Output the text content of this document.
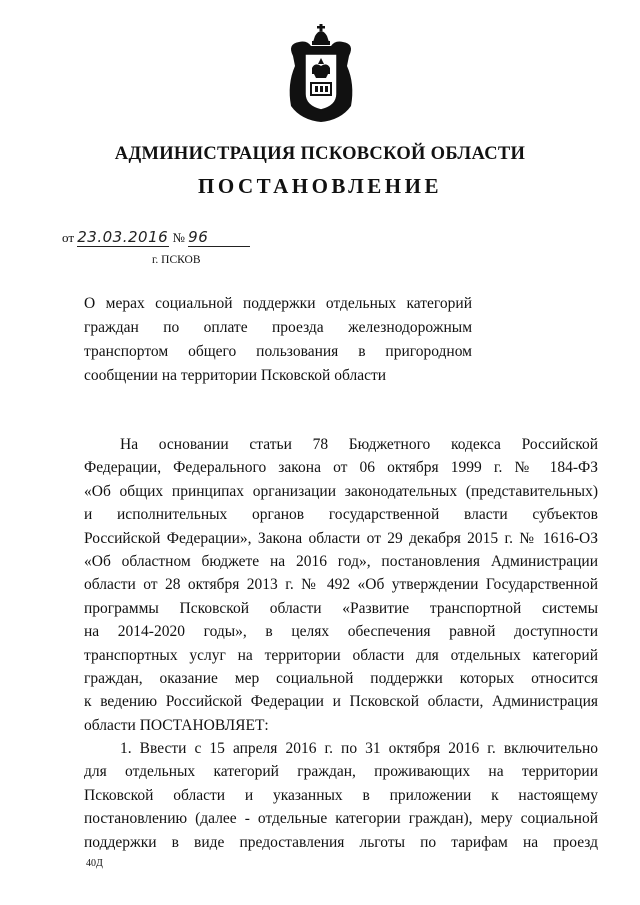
АДМИНИСТРАЦИЯ ПСКОВСКОЙ ОБЛАСТИ
ПОСТАНОВЛЕНИЕ
от 23.03.2016 № 96
г. ПСКОВ
О мерах социальной поддержки отдельных категорий
граждан по оплате проезда железнодорожным
транспортом общего пользования в пригородном
сообщении на территории Псковской области
На основании статьи 78 Бюджетного кодекса Российской
Федерации, Федерального закона от 06 октября 1999 г. № 184-ФЗ
«Об общих принципах организации законодательных (представительных)
и исполнительных органов государственной власти субъектов
Российской Федерации», Закона области от 29 декабря 2015 г. № 1616-ОЗ
«Об областном бюджете на 2016 год», постановления Администрации
области от 28 октября 2013 г. № 492 «Об утверждении Государственной
программы Псковской области «Развитие транспортной системы
на 2014-2020 годы», в целях обеспечения равной доступности
транспортных услуг на территории области для отдельных категорий
граждан, оказание мер социальной поддержки которых относится
к ведению Российской Федерации и Псковской области, Администрация
области ПОСТАНОВЛЯЕТ:
1. Ввести с 15 апреля 2016 г. по 31 октября 2016 г. включительно
для отдельных категорий граждан, проживающих на территории
Псковской области и указанных в приложении к настоящему
постановлению (далее - отдельные категории граждан), меру социальной
поддержки в виде предоставления льготы по тарифам на проезд
40Д
